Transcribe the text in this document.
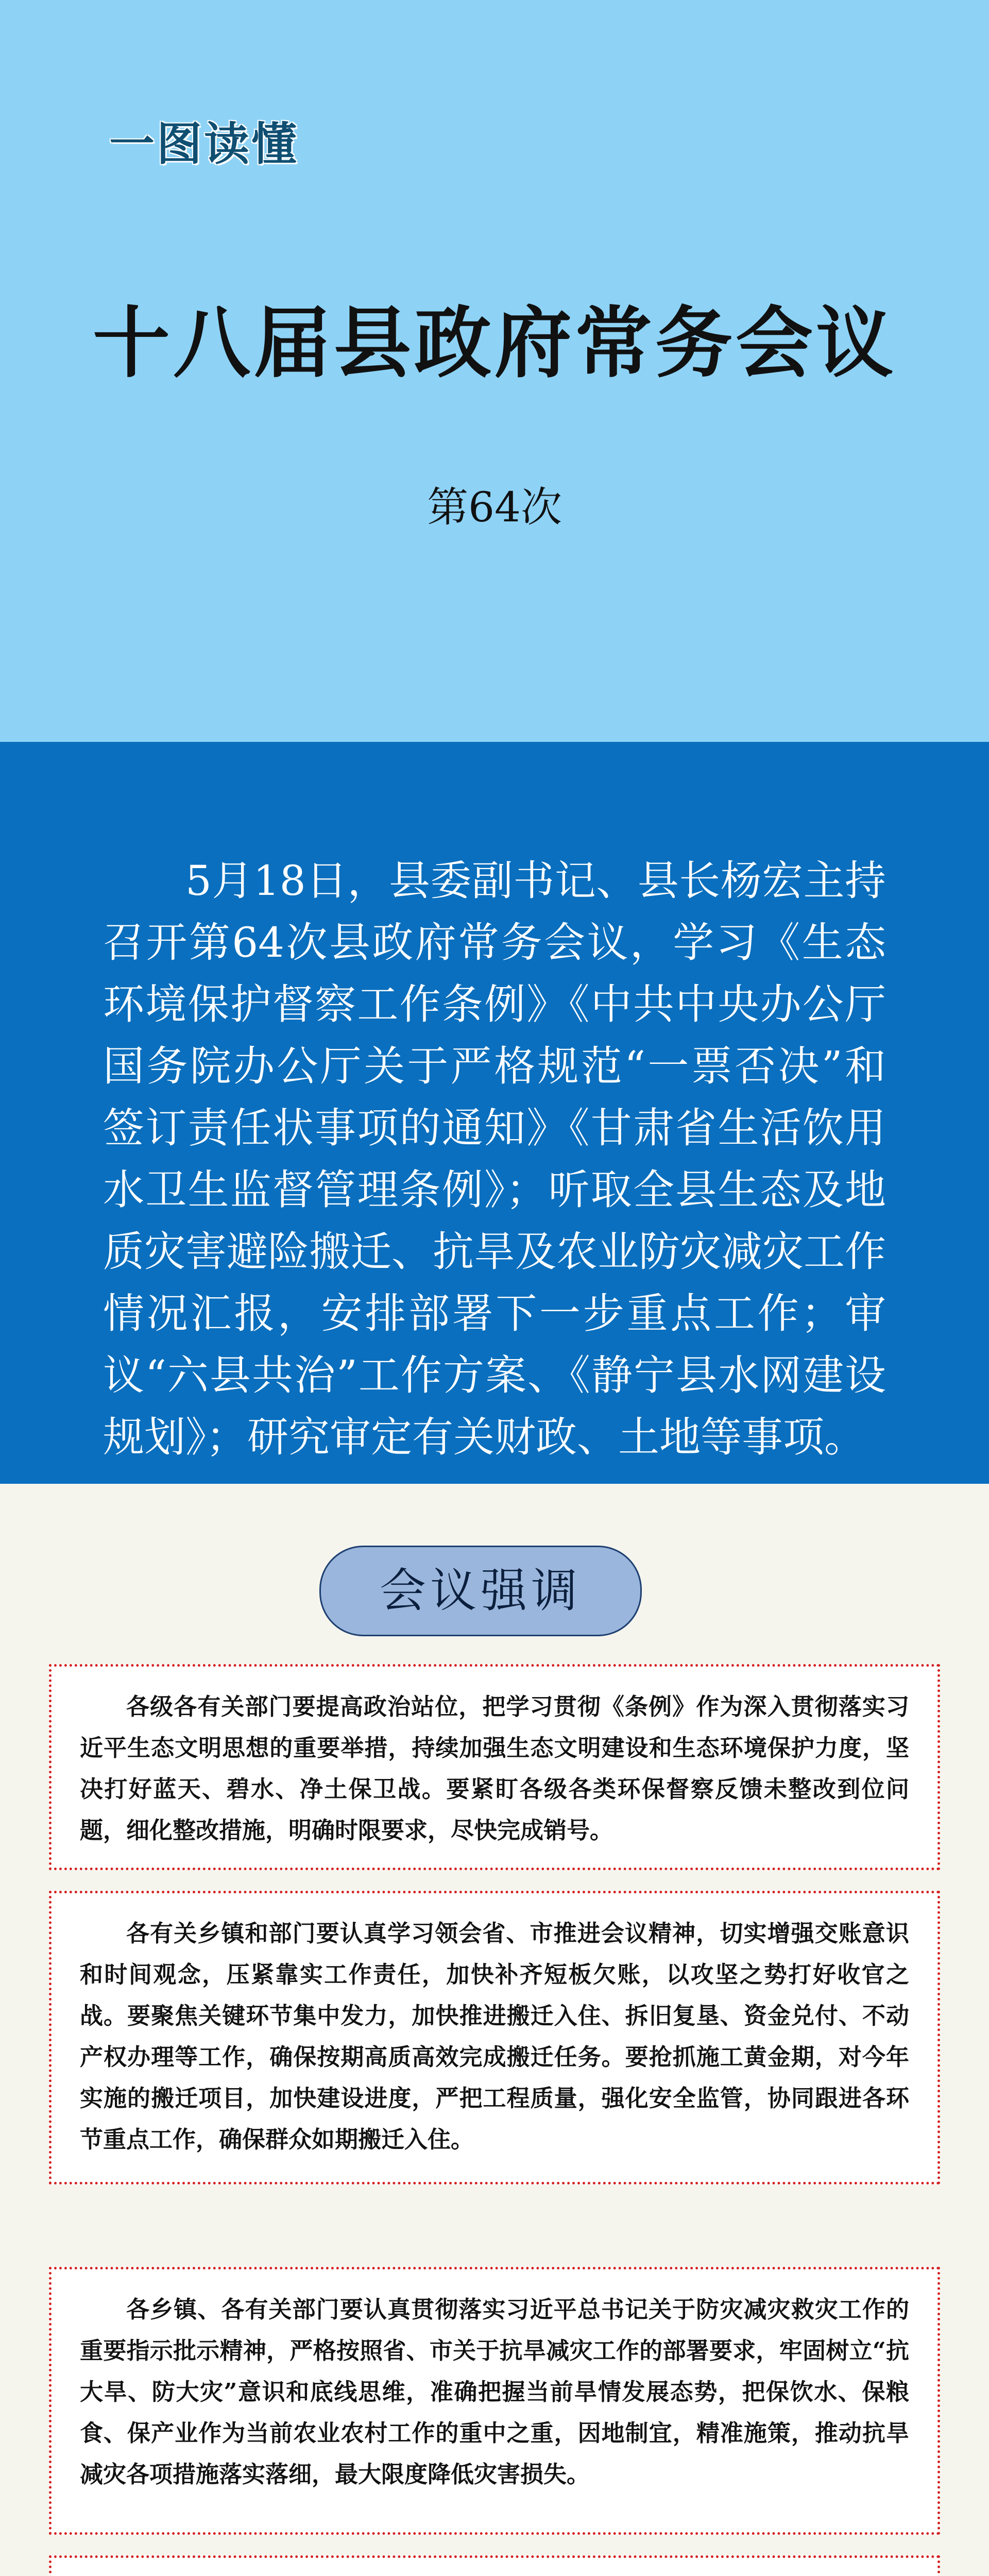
一图读懂
十八届县政府常务会议
第64次
5月18日，县委副书记、县长杨宏主持召开第64次县政府常务会议，学习《生态环境保护督察工作条例》《中共中央办公厅国务院办公厅关于严格规范“一票否决”和签订责任状事项的通知》《甘肃省生活饮用水卫生监督管理条例》；听取全县生态及地质灾害避险搬迁、抗旱及农业防灾减灾工作情况汇报，安排部署下一步重点工作；审议“六县共治”工作方案、《静宁县水网建设规划》；研究审定有关财政、土地等事项。
会议强调

各级各有关部门要提高政治站位，把学习贯彻《条例》作为深入贯彻落实习近平生态文明思想的重要举措，持续加强生态文明建设和生态环境保护力度，坚决打好蓝天、碧水、净土保卫战。要紧盯各级各类环保督察反馈未整改到位问题，细化整改措施，明确时限要求，尽快完成销号。

各有关乡镇和部门要认真学习领会省、市推进会议精神，切实增强交账意识和时间观念，压紧靠实工作责任，加快补齐短板欠账，以攻坚之势打好收官之战。要聚焦关键环节集中发力，加快推进搬迁入住、拆旧复垦、资金兑付、不动产权办理等工作，确保按期高质高效完成搬迁任务。要抢抓施工黄金期，对今年实施的搬迁项目，加快建设进度，严把工程质量，强化安全监管，协同跟进各环节重点工作，确保群众如期搬迁入住。

各乡镇、各有关部门要认真贯彻落实习近平总书记关于防灾减灾救灾工作的重要指示批示精神，严格按照省、市关于抗旱减灾工作的部署要求，牢固树立“抗大旱、防大灾”意识和底线思维，准确把握当前旱情发展态势，把保饮水、保粮食、保产业作为当前农业农村工作的重中之重，因地制宜，精准施策，推动抗旱减灾各项措施落实落细，最大限度降低灾害损失。
